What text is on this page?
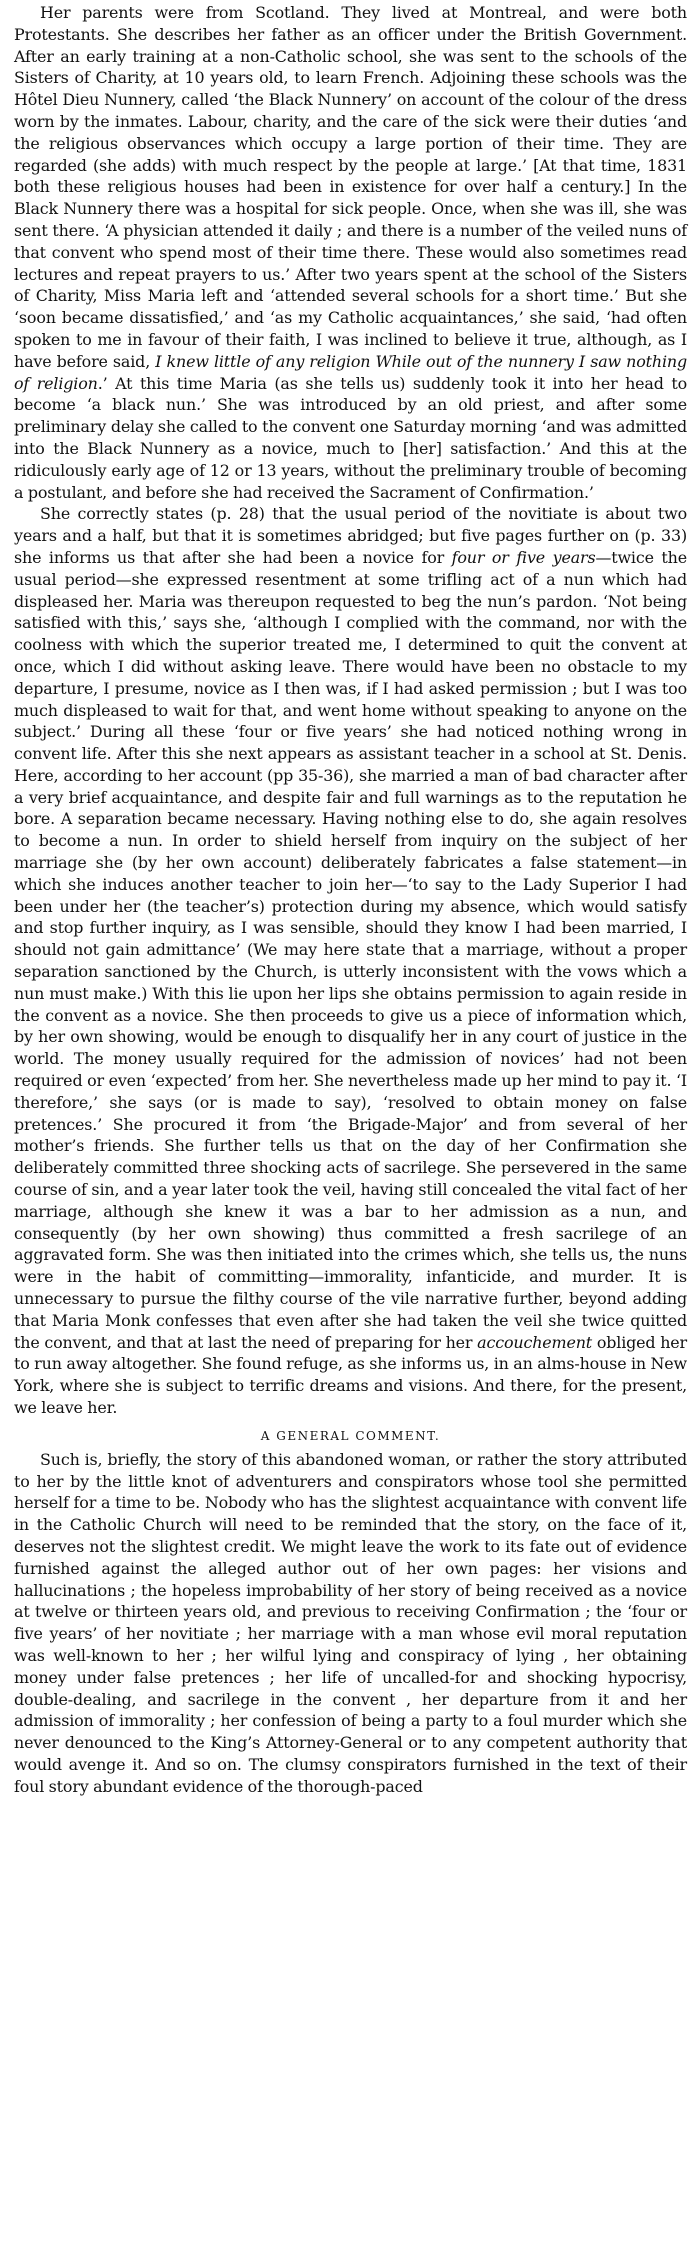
Her parents were from Scotland. They lived at Montreal, and were both Protestants. She describes her father as an officer under the British Government. After an early training at a non-Catholic school, she was sent to the schools of the Sisters of Charity, at 10 years old, to learn French. Adjoining these schools was the Hôtel Dieu Nunnery, called ‘the Black Nunnery’ on account of the colour of the dress worn by the inmates. Labour, charity, and the care of the sick were their duties ‘and the religious observances which occupy a large portion of their time. They are regarded (she adds) with much respect by the people at large.’ [At that time, 1831 both these religious houses had been in existence for over half a century.] In the Black Nunnery there was a hospital for sick people. Once, when she was ill, she was sent there. ‘A physician attended it daily ; and there is a number of the veiled nuns of that convent who spend most of their time there. These would also sometimes read lectures and repeat prayers to us.’ After two years spent at the school of the Sisters of Charity, Miss Maria left and ‘attended several schools for a short time.’ But she ‘soon became dissatisfied,’ and ‘as my Catholic acquaintances,’ she said, ‘had often spoken to me in favour of their faith, I was inclined to believe it true, although, as I have before said, I knew little of any religion While out of the nunnery I saw nothing of religion.’ At this time Maria (as she tells us) suddenly took it into her head to become ‘a black nun.’ She was introduced by an old priest, and after some preliminary delay she called to the convent one Saturday morning ‘and was admitted into the Black Nunnery as a novice, much to [her] satisfaction.’ And this at the ridiculously early age of 12 or 13 years, without the preliminary trouble of becoming a postulant, and before she had received the Sacrament of Confirmation.’

She correctly states (p. 28) that the usual period of the novitiate is about two years and a half, but that it is sometimes abridged; but five pages further on (p. 33) she informs us that after she had been a novice for four or five years—twice the usual period—she expressed resentment at some trifling act of a nun which had displeased her. Maria was thereupon requested to beg the nun’s pardon. ‘Not being satisfied with this,’ says she, ‘although I complied with the command, nor with the coolness with which the superior treated me, I determined to quit the convent at once, which I did without asking leave. There would have been no obstacle to my departure, I presume, novice as I then was, if I had asked permission ; but I was too much displeased to wait for that, and went home without speaking to anyone on the subject.’ During all these ‘four or five years’ she had noticed nothing wrong in convent life. After this she next appears as assistant teacher in a school at St. Denis. Here, according to her account (pp 35-36), she married a man of bad character after a very brief acquaintance, and despite fair and full warnings as to the reputation he bore. A separation became necessary. Having nothing else to do, she again resolves to become a nun. In order to shield herself from inquiry on the subject of her marriage she (by her own account) deliberately fabricates a false statement—in which she induces another teacher to join her—‘to say to the Lady Superior I had been under her (the teacher’s) protection during my absence, which would satisfy and stop further inquiry, as I was sensible, should they know I had been married, I should not gain admittance’ (We may here state that a marriage, without a proper separation sanctioned by the Church, is utterly inconsistent with the vows which a nun must make.) With this lie upon her lips she obtains permission to again reside in the convent as a novice. She then proceeds to give us a piece of information which, by her own showing, would be enough to disqualify her in any court of justice in the world. The money usually required for the admission of novices’ had not been required or even ‘expected’ from her. She nevertheless made up her mind to pay it. ‘I therefore,’ she says (or is made to say), ‘resolved to obtain money on false pretences.’ She procured it from ‘the Brigade-Major’ and from several of her mother’s friends. She further tells us that on the day of her Confirmation she deliberately committed three shocking acts of sacrilege. She persevered in the same course of sin, and a year later took the veil, having still concealed the vital fact of her marriage, although she knew it was a bar to her admission as a nun, and consequently (by her own showing) thus committed a fresh sacrilege of an aggravated form. She was then initiated into the crimes which, she tells us, the nuns were in the habit of committing—immorality, infanticide, and murder. It is unnecessary to pursue the filthy course of the vile narrative further, beyond adding that Maria Monk confesses that even after she had taken the veil she twice quitted the convent, and that at last the need of preparing for her accouchement obliged her to run away altogether. She found refuge, as she informs us, in an alms-house in New York, where she is subject to terrific dreams and visions. And there, for the present, we leave her.

A GENERAL COMMENT.

Such is, briefly, the story of this abandoned woman, or rather the story attributed to her by the little knot of adventurers and conspirators whose tool she permitted herself for a time to be. Nobody who has the slightest acquaintance with convent life in the Catholic Church will need to be reminded that the story, on the face of it, deserves not the slightest credit. We might leave the work to its fate out of evidence furnished against the alleged author out of her own pages: her visions and hallucinations ; the hopeless improbability of her story of being received as a novice at twelve or thirteen years old, and previous to receiving Confirmation ; the ‘four or five years’ of her novitiate ; her marriage with a man whose evil moral reputation was well-known to her ; her wilful lying and conspiracy of lying , her obtaining money under false pretences ; her life of uncalled-for and shocking hypocrisy, double-dealing, and sacrilege in the convent , her departure from it and her admission of immorality ; her confession of being a party to a foul murder which she never denounced to the King’s Attorney-General or to any competent authority that would avenge it. And so on. The clumsy conspirators furnished in the text of their foul story abundant evidence of the thorough-paced
